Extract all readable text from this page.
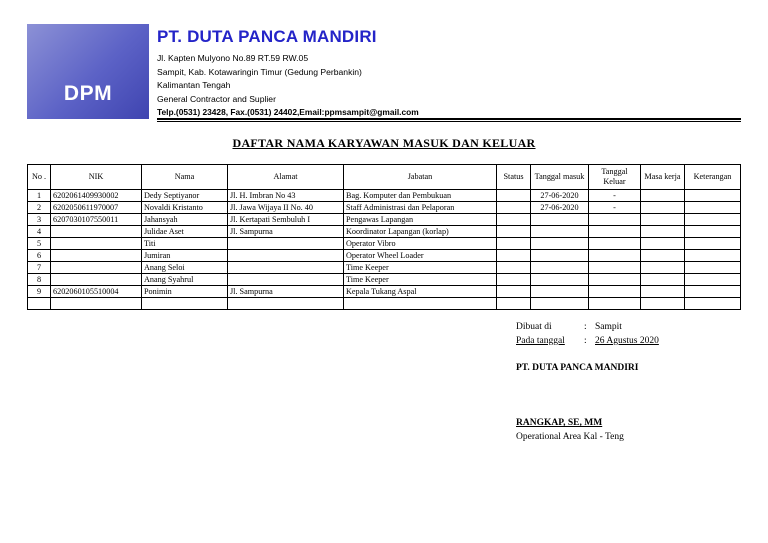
DPM
PT. DUTA PANCA MANDIRI
Jl. Kapten Mulyono No.89 RT.59 RW.05
Sampit, Kab. Kotawaringin Timur (Gedung Perbankin)
Kalimantan Tengah
General Contractor and Suplier
Telp.(0531) 23428, Fax.(0531) 24402,Email:ppmsampit@gmail.com
DAFTAR NAMA KARYAWAN MASUK DAN KELUAR
No .	NIK	Nama	Alamat	Jabatan	Status	Tanggal masuk	Tanggal Keluar	Masa kerja	Keterangan
1	6202061409930002	Dedy Septiyanor	Jl. H. Imbran No 43	Bag. Komputer dan Pembukuan		27-06-2020	-		
2	6202050611970007	Novaldi Kristanto	Jl. Jawa Wijaya II No. 40	Staff Administrasi dan Pelaporan		27-06-2020	-		
3	6207030107550011	Jahansyah	Jl. Kertapati Sembuluh I	Pengawas Lapangan					
4		Julidae Aset	Jl. Sampurna	Koordinator Lapangan (korlap)					
5		Titi		Operator Vibro					
6		Jumiran		Operator Wheel Loader					
7		Anang Seloi		Time Keeper					
8		Anang Syahrul		Time Keeper					
9	6202060105510004	Ponimin	Jl. Sampurna	Kepala Tukang Aspal					

Dibuat di	: Sampit
Pada tanggal : 26 Agustus 2020
PT. DUTA PANCA MANDIRI
RANGKAP, SE, MM
Operational Area Kal - Teng
